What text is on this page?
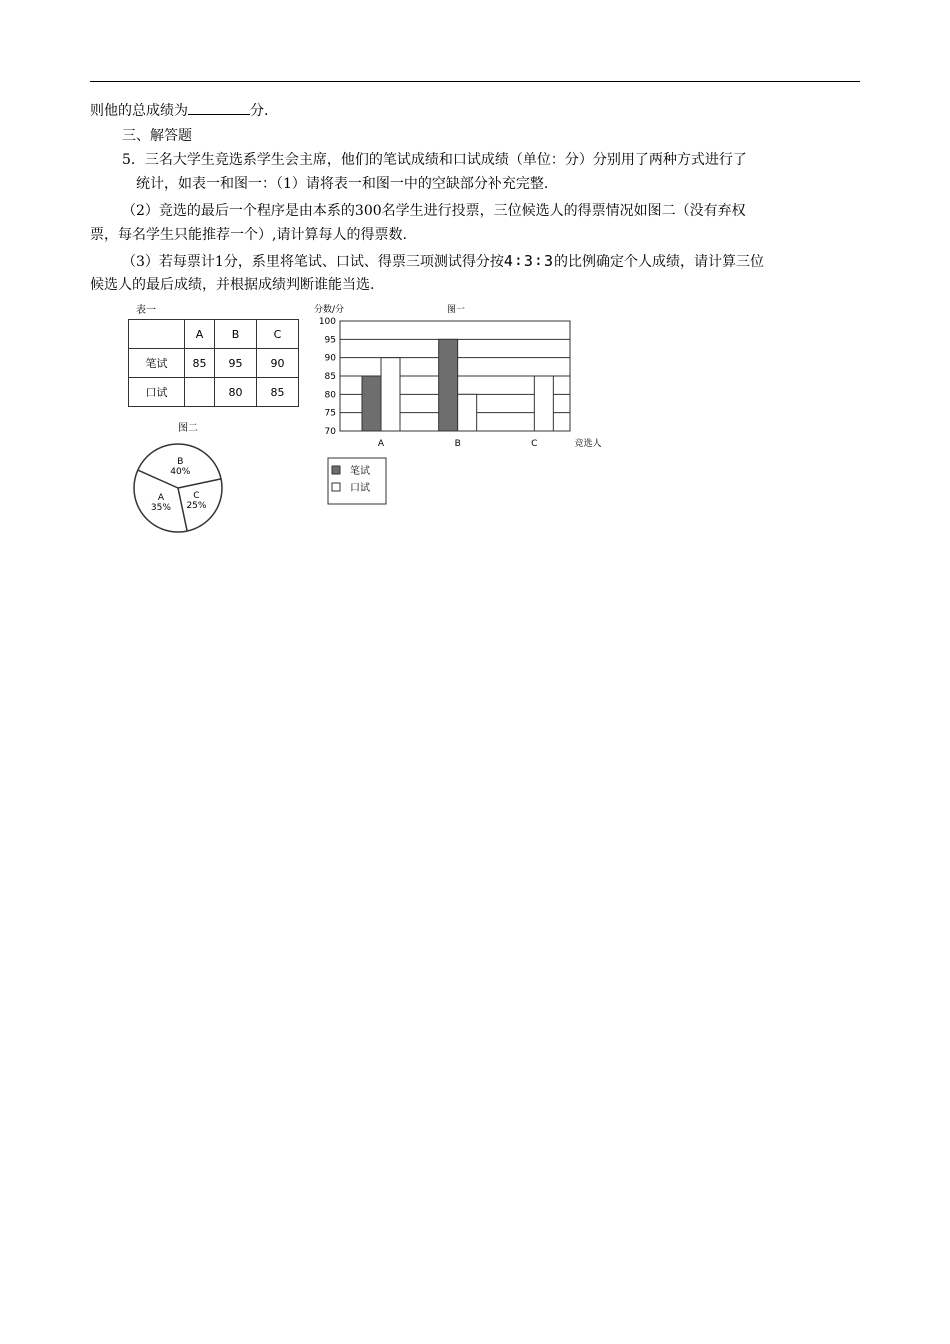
则他的总成绩为	分.
三、解答题
5．三名大学生竞选系学生会主席，他们的笔试成绩和口试成绩（单位：分）分别用了两种方式进行了
统计，如表一和图一：（1）请将表一和图一中的空缺部分补充完整.
（2）竞选的最后一个程序是由本系的300名学生进行投票，三位候选人的得票情况如图二（没有弃权
票，每名学生只能推荐一个）,请计算每人的得票数.
（3）若每票计1分，系里将笔试、口试、得票三项测试得分按4∶3∶3的比例确定个人成绩，请计算三位
候选人的最后成绩，并根据成绩判断谁能当选.
表一
	A	B	C
笔试	85	95	90
口试		80	85
分数/分	图一
70
75
80
85
90
95
100
A	B	C	竞选人
笔试
口试
图二
B
40%
C
25%
A
35%
